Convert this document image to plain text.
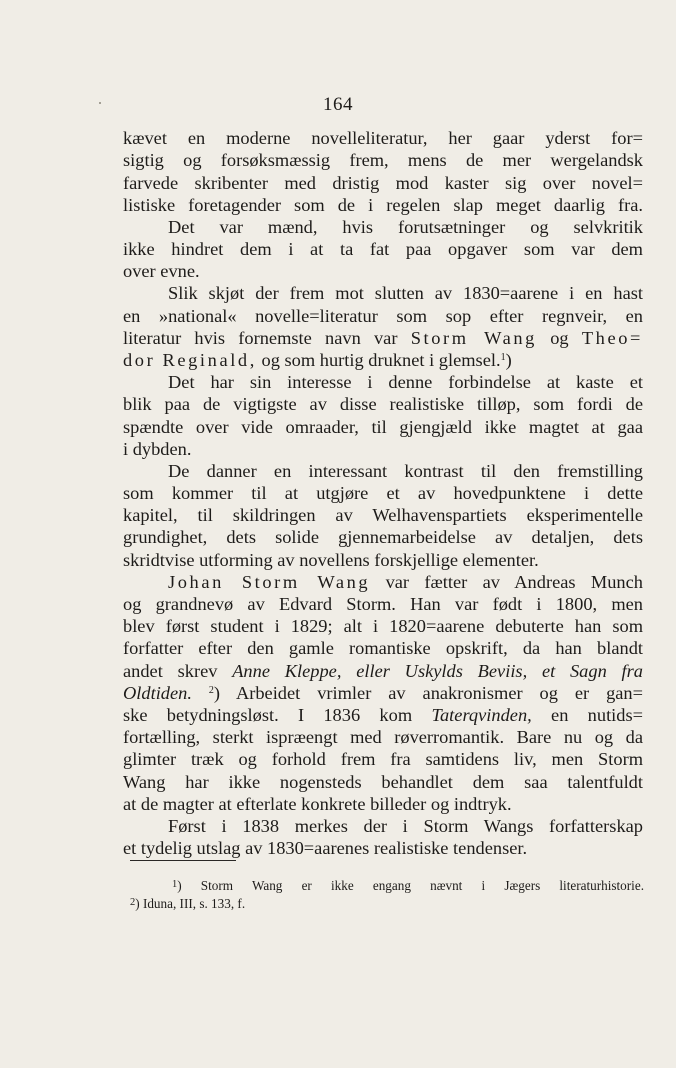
164
kævet en moderne novelleliteratur, her gaar yderst for=
sigtig og forsøksmæssig frem, mens de mer wergelandsk
farvede skribenter med dristig mod kaster sig over novel=
listiske foretagender som de i regelen slap meget daarlig fra.
Det var mænd, hvis forutsætninger og selvkritik
ikke hindret dem i at ta fat paa opgaver som var dem
over evne.
Slik skjøt der frem mot slutten av 1830=aarene i en hast
en »national« novelle=literatur som sop efter regnveir, en
literatur hvis fornemste navn var Storm Wang og Theo=
dor Reginald, og som hurtig druknet i glemsel.$^1$)
Det har sin interesse i denne forbindelse at kaste et
blik paa de vigtigste av disse realistiske tilløp, som fordi de
spændte over vide omraader, til gjengjæld ikke magtet at gaa
i dybden.
De danner en interessant kontrast til den fremstilling
som kommer til at utgjøre et av hovedpunktene i dette
kapitel, til skildringen av Welhavenspartiets eksperimentelle
grundighet, dets solide gjennemarbeidelse av detaljen, dets
skridtvise utforming av novellens forskjellige elementer.
Johan Storm Wang var fætter av Andreas Munch
og grandnevø av Edvard Storm. Han var født i 1800, men
blev først student i 1829; alt i 1820=aarene debuterte han som
forfatter efter den gamle romantiske opskrift, da han blandt
andet skrev Anne Kleppe, eller Uskylds Beviis, et Sagn fra
Oldtiden. $^2$) Arbeidet vrimler av anakronismer og er gan=
ske betydningsløst. I 1836 kom Taterqvinden, en nutids=
fortælling, sterkt ispræengt med røverromantik. Bare nu og da
glimter træk og forhold frem fra samtidens liv, men Storm
Wang har ikke nogensteds behandlet dem saa talentfuldt
at de magter at efterlate konkrete billeder og indtryk.
Først i 1838 merkes der i Storm Wangs forfatterskap
et tydelig utslag av 1830=aarenes realistiske tendenser.
$^1$) Storm Wang er ikke engang nævnt i Jægers literaturhistorie.
$^2$) Iduna, III, s. 133, f.
